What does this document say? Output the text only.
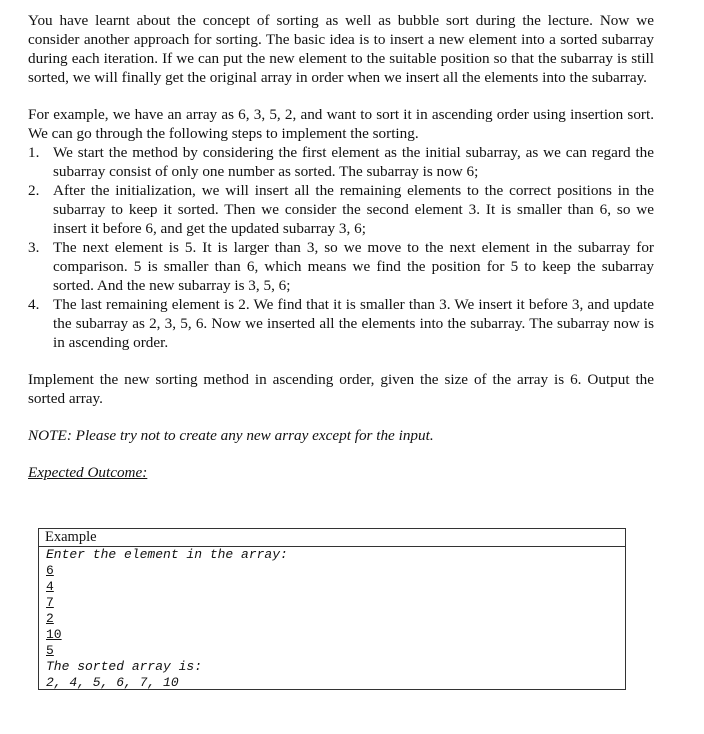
You have learnt about the concept of sorting as well as bubble sort during the lecture. Now we consider another approach for sorting. The basic idea is to insert a new element into a sorted subarray during each iteration. If we can put the new element to the suitable position so that the subarray is still sorted, we will finally get the original array in order when we insert all the elements into the subarray.

For example, we have an array as 6, 3, 5, 2, and want to sort it in ascending order using insertion sort. We can go through the following steps to implement the sorting.

1. We start the method by considering the first element as the initial subarray, as we can regard the subarray consist of only one number as sorted. The subarray is now 6;
2. After the initialization, we will insert all the remaining elements to the correct positions in the subarray to keep it sorted. Then we consider the second element 3. It is smaller than 6, so we insert it before 6, and get the updated subarray 3, 6;
3. The next element is 5. It is larger than 3, so we move to the next element in the subarray for comparison. 5 is smaller than 6, which means we find the position for 5 to keep the subarray sorted. And the new subarray is 3, 5, 6;
4. The last remaining element is 2. We find that it is smaller than 3. We insert it before 3, and update the subarray as 2, 3, 5, 6. Now we inserted all the elements into the subarray. The subarray now is in ascending order.

Implement the new sorting method in ascending order, given the size of the array is 6. Output the sorted array.

NOTE: Please try not to create any new array except for the input.

Expected Outcome:

Example
Enter the element in the array:
6
4
7
2
10
5
The sorted array is:
2, 4, 5, 6, 7, 10
